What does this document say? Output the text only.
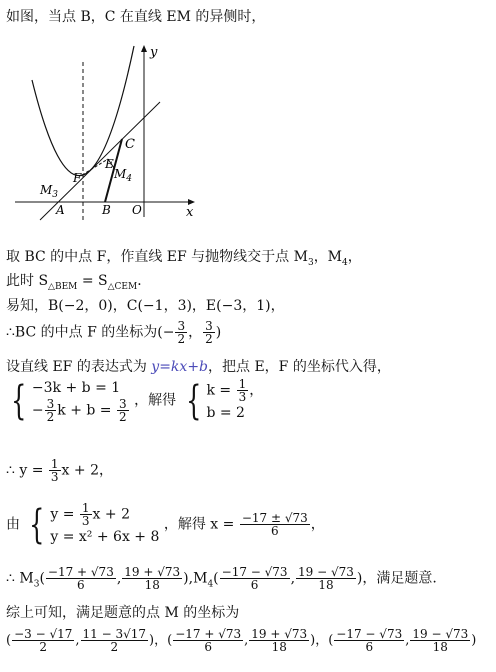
如图，当点 B，C 在直线 EM 的异侧时，
y
x
C
E
F	$M_4$
$M_3$
A	B O
取 BC 的中点 F，作直线 EF 与抛物线交于点 $M_3$，$M_4$，
此时 $S_{\triangle BEM} = S_{\triangle CEM}$．
易知，B(−2，0)，C(−1，3)，E(−3，1)，
∴BC 的中点 F 的坐标为(− $\frac{3}{2}$ ， $\frac{3}{2}$ )
设直线 EF 的表达式为 y=kx+b，把点 E，F 的坐标代入得，
{ −3k + b = 1
− $\frac{3}{2}$ $k + b = \frac{3}{2}$ ，解得 { $k = \frac{1}{3}$ ，
b = 2
∴ $y = \frac{1}{3}$ x + 2，
由 { $y = \frac{1}{3}$ x + 2
y = x² + 6x + 8
，解得 $x = \frac{-17 \pm √73}{6}$ ，
∴ $M_3( \frac{-17 + √73}{6}$ , $\frac{19 + √73}{18} ),M_4( \frac{-17 - √73}{6}$ , $\frac{19 - √73}{18}$ )，满足题意.
综上可知，满足题意的点 M 的坐标为
( $\frac{-3 - √17}{2}$ , $\frac{11 - 3√17}{2}$ )，( $\frac{-17 + √73}{6}$ , $\frac{19 + √73}{18}$ )，( $\frac{-17 - √73}{6}$ , $\frac{19 - √73}{18}$ )
